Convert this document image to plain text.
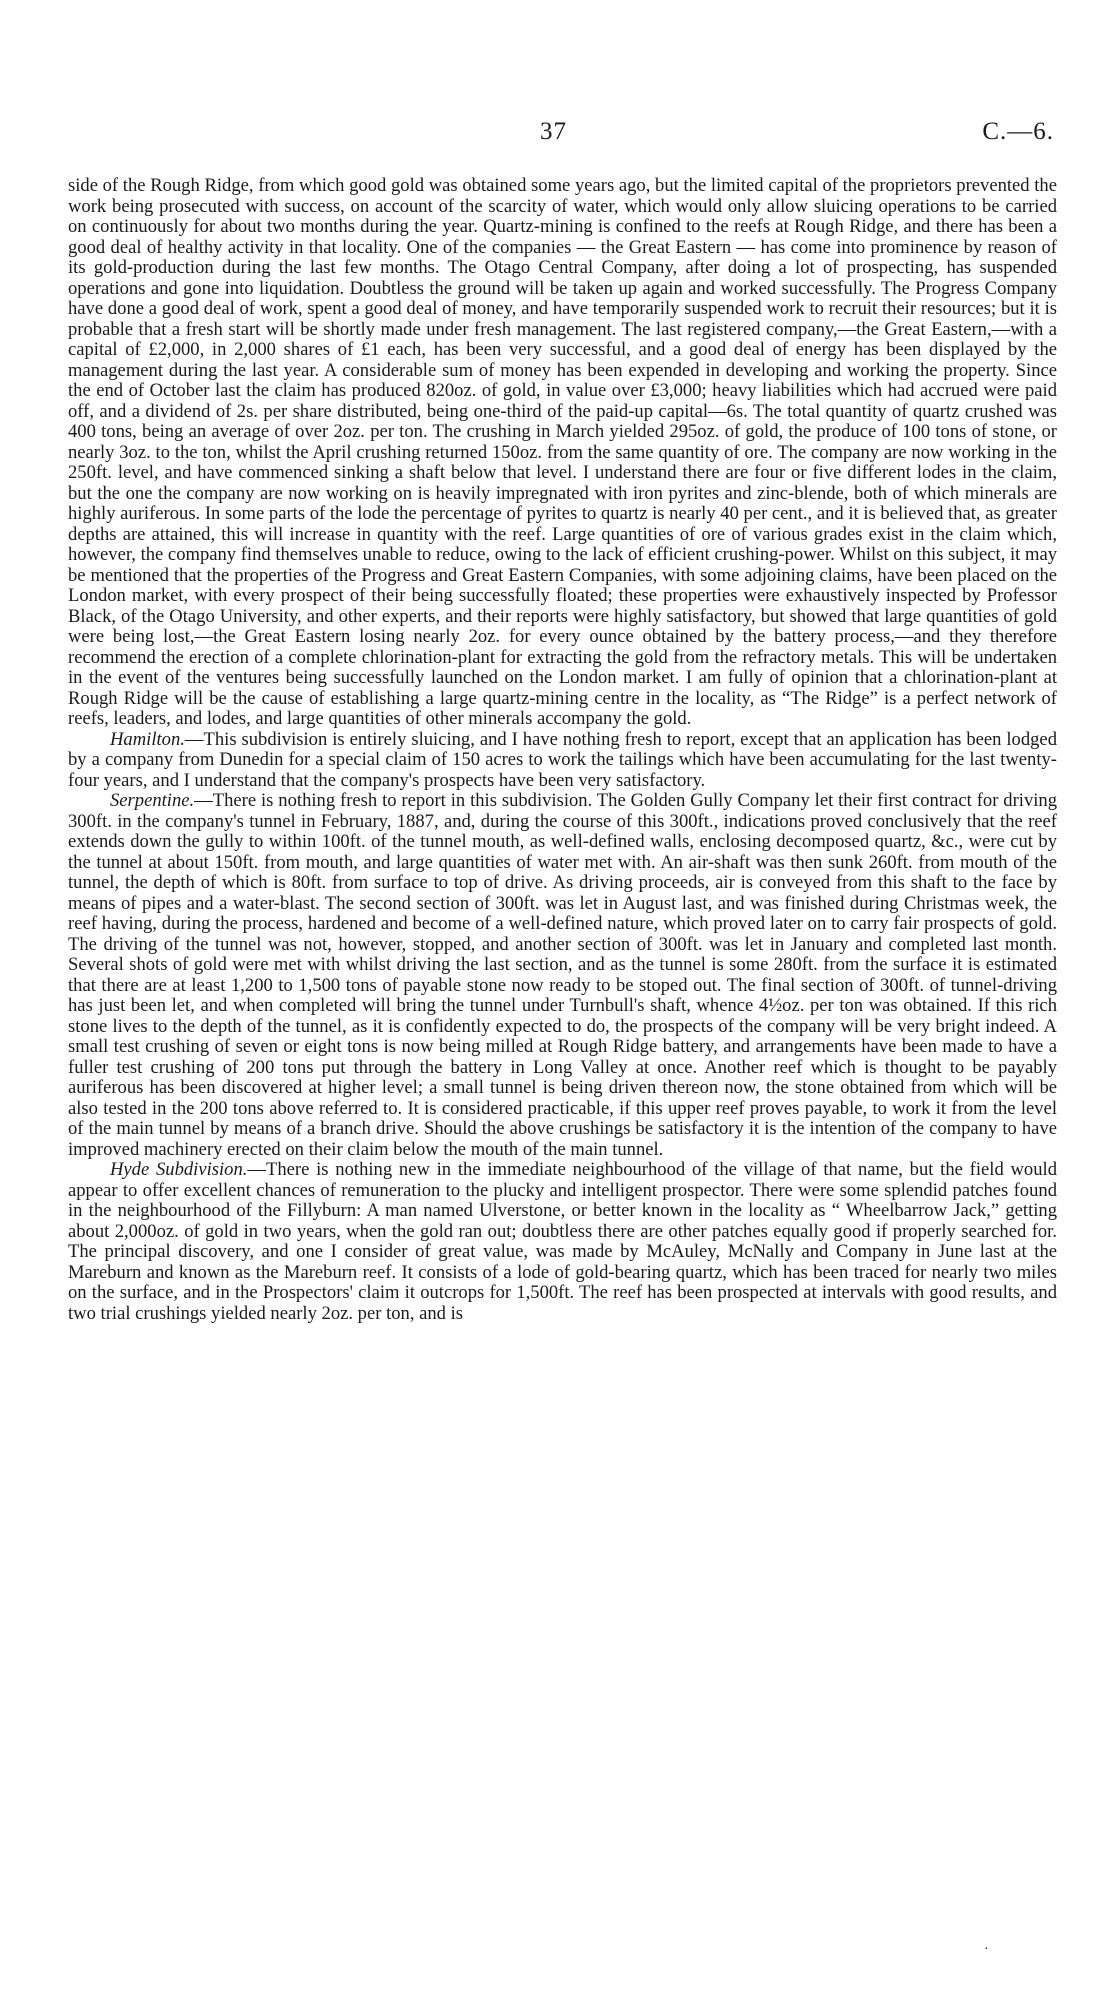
37	C.—6.

side of the Rough Ridge, from which good gold was obtained some years ago, but the limited capital of the proprietors prevented the work being prosecuted with success, on account of the scarcity of water, which would only allow sluicing operations to be carried on continuously for about two months during the year. Quartz-mining is confined to the reefs at Rough Ridge, and there has been a good deal of healthy activity in that locality. One of the companies — the Great Eastern — has come into prominence by reason of its gold-production during the last few months. The Otago Central Company, after doing a lot of prospecting, has suspended operations and gone into liquidation. Doubtless the ground will be taken up again and worked successfully. The Progress Company have done a good deal of work, spent a good deal of money, and have temporarily suspended work to recruit their resources; but it is probable that a fresh start will be shortly made under fresh management. The last registered company,—the Great Eastern,—with a capital of £2,000, in 2,000 shares of £1 each, has been very successful, and a good deal of energy has been displayed by the management during the last year. A considerable sum of money has been expended in developing and working the property. Since the end of October last the claim has produced 820oz. of gold, in value over £3,000; heavy liabilities which had accrued were paid off, and a dividend of 2s. per share distributed, being one-third of the paid-up capital—6s. The total quantity of quartz crushed was 400 tons, being an average of over 2oz. per ton. The crushing in March yielded 295oz. of gold, the produce of 100 tons of stone, or nearly 3oz. to the ton, whilst the April crushing returned 150oz. from the same quantity of ore. The company are now working in the 250ft. level, and have commenced sinking a shaft below that level. I understand there are four or five different lodes in the claim, but the one the company are now working on is heavily impregnated with iron pyrites and zinc-blende, both of which minerals are highly auriferous. In some parts of the lode the percentage of pyrites to quartz is nearly 40 per cent., and it is believed that, as greater depths are attained, this will increase in quantity with the reef. Large quantities of ore of various grades exist in the claim which, however, the company find themselves unable to reduce, owing to the lack of efficient crushing-power. Whilst on this subject, it may be mentioned that the properties of the Progress and Great Eastern Companies, with some adjoining claims, have been placed on the London market, with every prospect of their being successfully floated; these properties were exhaustively inspected by Professor Black, of the Otago University, and other experts, and their reports were highly satisfactory, but showed that large quantities of gold were being lost,—the Great Eastern losing nearly 2oz. for every ounce obtained by the battery process,—and they therefore recommend the erection of a complete chlorination-plant for extracting the gold from the refractory metals. This will be undertaken in the event of the ventures being successfully launched on the London market. I am fully of opinion that a chlorination-plant at Rough Ridge will be the cause of establishing a large quartz-mining centre in the locality, as “The Ridge” is a perfect network of reefs, leaders, and lodes, and large quantities of other minerals accompany the gold.

Hamilton.—This subdivision is entirely sluicing, and I have nothing fresh to report, except that an application has been lodged by a company from Dunedin for a special claim of 150 acres to work the tailings which have been accumulating for the last twenty-four years, and I understand that the company's prospects have been very satisfactory.

Serpentine.—There is nothing fresh to report in this subdivision. The Golden Gully Company let their first contract for driving 300ft. in the company's tunnel in February, 1887, and, during the course of this 300ft., indications proved conclusively that the reef extends down the gully to within 100ft. of the tunnel mouth, as well-defined walls, enclosing decomposed quartz, &c., were cut by the tunnel at about 150ft. from mouth, and large quantities of water met with. An air-shaft was then sunk 260ft. from mouth of the tunnel, the depth of which is 80ft. from surface to top of drive. As driving proceeds, air is conveyed from this shaft to the face by means of pipes and a water-blast. The second section of 300ft. was let in August last, and was finished during Christmas week, the reef having, during the process, hardened and become of a well-defined nature, which proved later on to carry fair prospects of gold. The driving of the tunnel was not, however, stopped, and another section of 300ft. was let in January and completed last month. Several shots of gold were met with whilst driving the last section, and as the tunnel is some 280ft. from the surface it is estimated that there are at least 1,200 to 1,500 tons of payable stone now ready to be stoped out. The final section of 300ft. of tunnel-driving has just been let, and when completed will bring the tunnel under Turnbull's shaft, whence 4½oz. per ton was obtained. If this rich stone lives to the depth of the tunnel, as it is confidently expected to do, the prospects of the company will be very bright indeed. A small test crushing of seven or eight tons is now being milled at Rough Ridge battery, and arrangements have been made to have a fuller test crushing of 200 tons put through the battery in Long Valley at once. Another reef which is thought to be payably auriferous has been discovered at higher level; a small tunnel is being driven thereon now, the stone obtained from which will be also tested in the 200 tons above referred to. It is considered practicable, if this upper reef proves payable, to work it from the level of the main tunnel by means of a branch drive. Should the above crushings be satisfactory it is the intention of the company to have improved machinery erected on their claim below the mouth of the main tunnel.

Hyde Subdivision.—There is nothing new in the immediate neighbourhood of the village of that name, but the field would appear to offer excellent chances of remuneration to the plucky and intelligent prospector. There were some splendid patches found in the neighbourhood of the Fillyburn: A man named Ulverstone, or better known in the locality as “ Wheelbarrow Jack,” getting about 2,000oz. of gold in two years, when the gold ran out; doubtless there are other patches equally good if properly searched for. The principal discovery, and one I consider of great value, was made by McAuley, McNally and Company in June last at the Mareburn and known as the Mareburn reef. It consists of a lode of gold-bearing quartz, which has been traced for nearly two miles on the surface, and in the Prospectors' claim it outcrops for 1,500ft. The reef has been prospected at intervals with good results, and two trial crushings yielded nearly 2oz. per ton, and is

·
